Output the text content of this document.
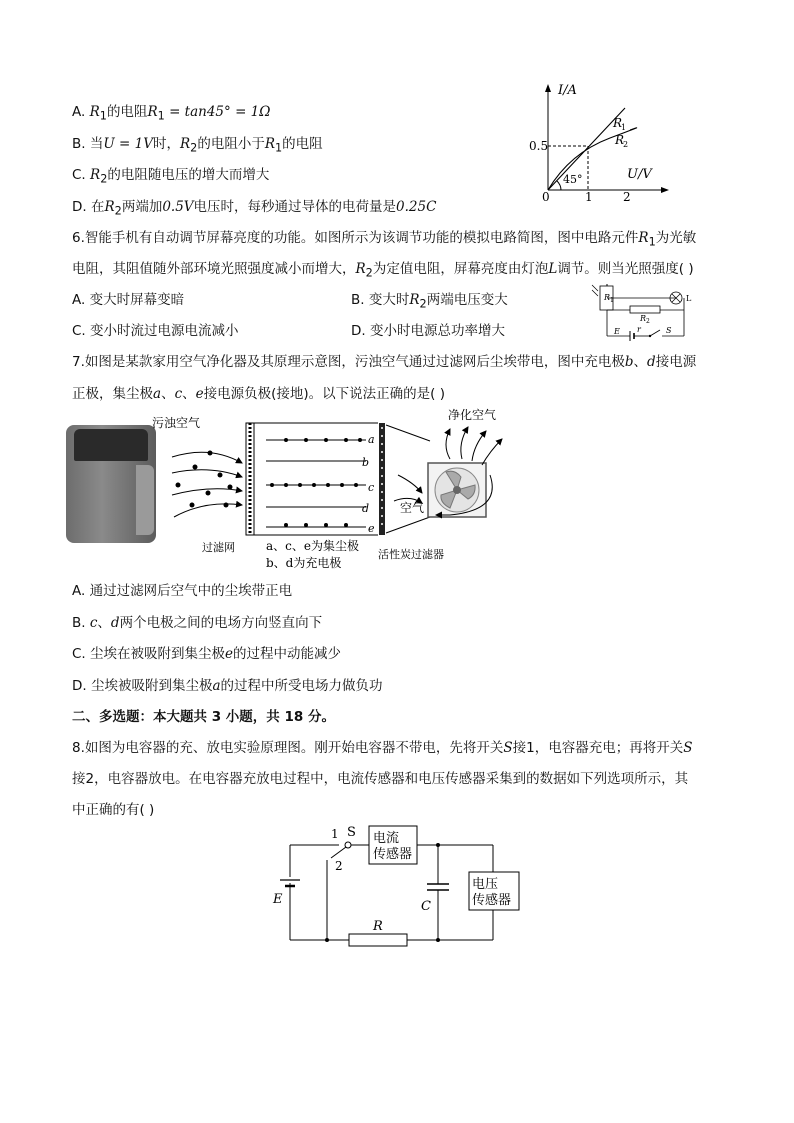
A. $R_1$的电阻$R_1 = \tan 45^\circ = 1\Omega$
B. 当U = 1V时，$R_2$的电阻小于$R_1$的电阻
C. $R_2$的电阻随电压的增大而增大
D. 在$R_2$两端加0.5V电压时，每秒通过导体的电荷量是0.25C
I/A
U/V
R
1
R
2
0.5
0	1	2
45°
6.智能手机有自动调节屏幕亮度的功能。如图所示为该调节功能的模拟电路简图，图中电路元件$R_1$为光敏
电阻，其阻值随外部环境光照强度减小而增大，$R_2$为定值电阻，屏幕亮度由灯泡L调节。则当光照强度( )
A. 变大时屏幕变暗	B. 变大时$R_2$两端电压变大
C. 变小时流过电源电流减小	D. 变小时电源总功率增大
R 1
R 2
L
E r	S
7.如图是某款家用空气净化器及其原理示意图，污浊空气通过过滤网后尘埃带电，图中充电极b、d接电源
正极，集尘极a、c、e接电源负极(接地)。以下说法正确的是( )
污浊空气
净化空气
空气
过滤网
活性炭过滤器
a、c、e为集尘极
b、d为充电极
a
b
c
d
e
A. 通过过滤网后空气中的尘埃带正电
B. c、d两个电极之间的电场方向竖直向下
C. 尘埃在被吸附到集尘极e的过程中动能减少
D. 尘埃被吸附到集尘极a的过程中所受电场力做负功
二、多选题：本大题共 3 小题，共 18 分。
8.如图为电容器的充、放电实验原理图。刚开始电容器不带电，先将开关S接1，电容器充电；再将开关S
接2，电容器放电。在电容器充放电过程中，电流传感器和电压传感器采集到的数据如下列选项所示，其
中正确的有( )
E
1
2
S 电流
传感器
C
电压
传感器
R
